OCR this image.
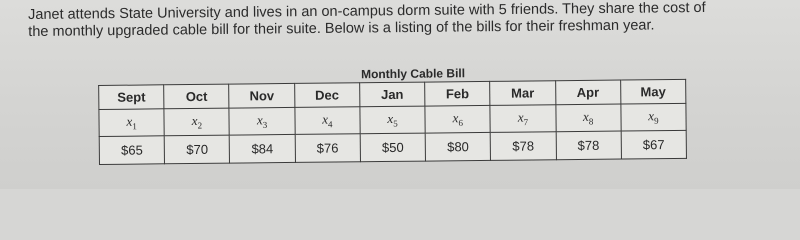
Janet attends State University and lives in an on-campus dorm suite with 5 friends. They share the cost of

the monthly upgraded cable bill for their suite. Below is a listing of the bills for their freshman year.

Monthly Cable Bill
Sept	Oct	Nov	Dec	Jan	Feb	Mar	Apr	May
$x_1$	$x_2$	$x_3$	$x_4$	$x_5$	$x_6$	$x_7$	$x_8$	$x_9$
$65	$70	$84	$76	$50	$80	$78	$78	$67
